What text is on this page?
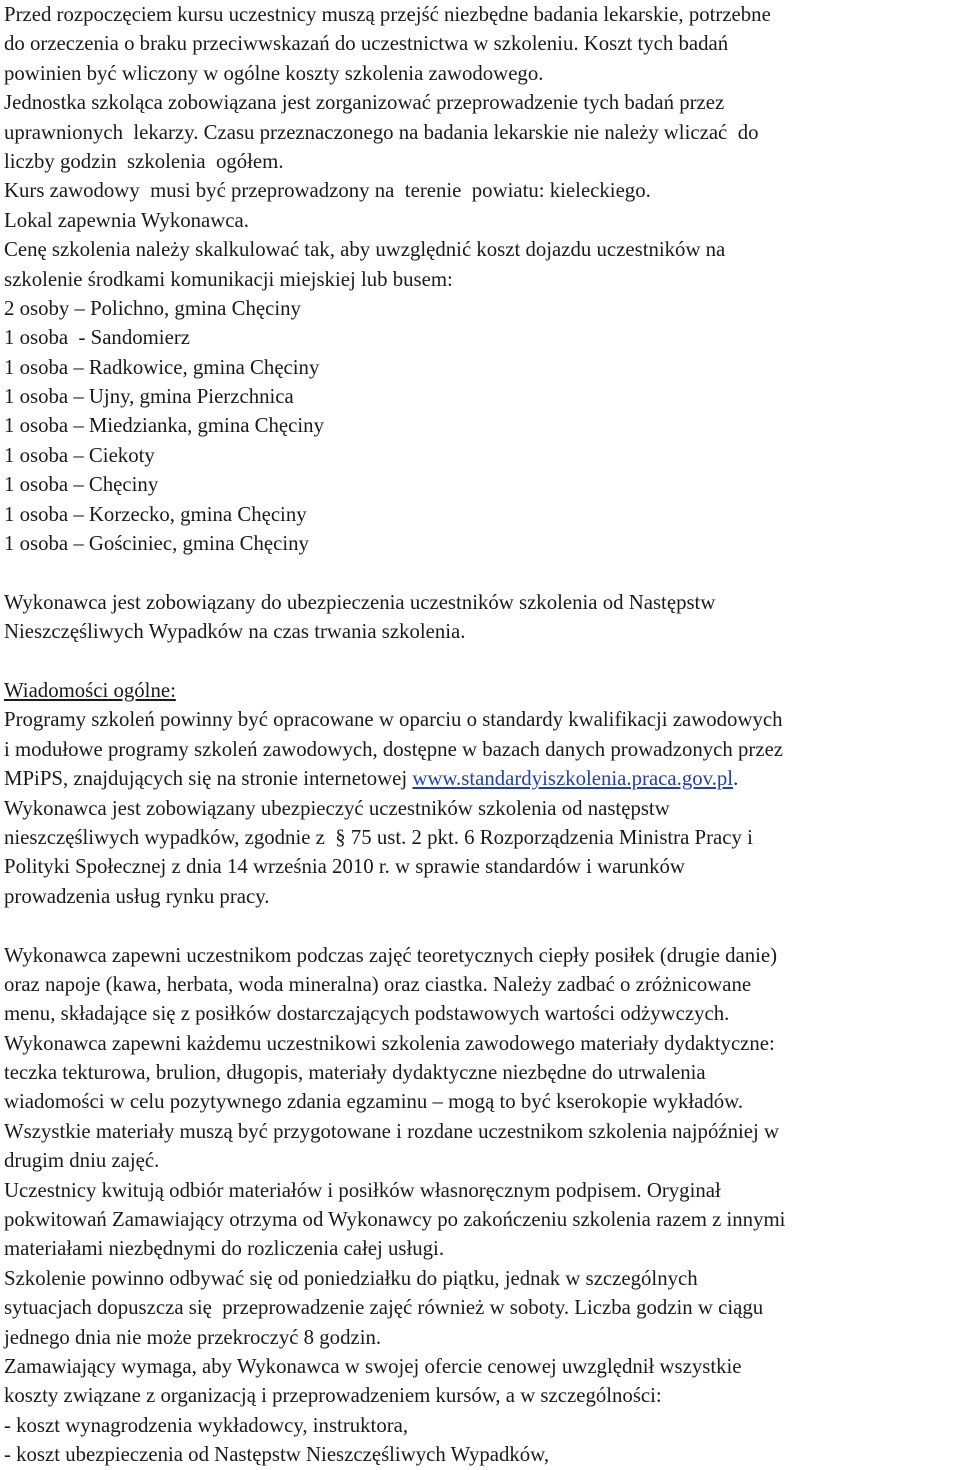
Przed rozpoczęciem kursu uczestnicy muszą przejść niezbędne badania lekarskie, potrzebne
do orzeczenia o braku przeciwwskazań do uczestnictwa w szkoleniu. Koszt tych badań
powinien być wliczony w ogólne koszty szkolenia zawodowego.
Jednostka szkoląca zobowiązana jest zorganizować przeprowadzenie tych badań przez
uprawnionych  lekarzy. Czasu przeznaczonego na badania lekarskie nie należy wliczać  do
liczby godzin  szkolenia  ogółem.
Kurs zawodowy  musi być przeprowadzony na  terenie  powiatu: kieleckiego.
Lokal zapewnia Wykonawca.
Cenę szkolenia należy skalkulować tak, aby uwzględnić koszt dojazdu uczestników na
szkolenie środkami komunikacji miejskiej lub busem:
2 osoby – Polichno, gmina Chęciny
1 osoba  - Sandomierz
1 osoba – Radkowice, gmina Chęciny
1 osoba – Ujny, gmina Pierzchnica
1 osoba – Miedzianka, gmina Chęciny
1 osoba – Ciekoty
1 osoba – Chęciny
1 osoba – Korzecko, gmina Chęciny
1 osoba – Gościniec, gmina Chęciny
Wykonawca jest zobowiązany do ubezpieczenia uczestników szkolenia od Następstw
Nieszczęśliwych Wypadków na czas trwania szkolenia.
Wiadomości ogólne:
Programy szkoleń powinny być opracowane w oparciu o standardy kwalifikacji zawodowych
i modułowe programy szkoleń zawodowych, dostępne w bazach danych prowadzonych przez
MPiPS, znajdujących się na stronie internetowej www.standardyiszkolenia.praca.gov.pl.
Wykonawca jest zobowiązany ubezpieczyć uczestników szkolenia od następstw
nieszczęśliwych wypadków, zgodnie z  § 75 ust. 2 pkt. 6 Rozporządzenia Ministra Pracy i
Polityki Społecznej z dnia 14 września 2010 r. w sprawie standardów i warunków
prowadzenia usług rynku pracy.
Wykonawca zapewni uczestnikom podczas zajęć teoretycznych ciepły posiłek (drugie danie)
oraz napoje (kawa, herbata, woda mineralna) oraz ciastka. Należy zadbać o zróżnicowane
menu, składające się z posiłków dostarczających podstawowych wartości odżywczych.
Wykonawca zapewni każdemu uczestnikowi szkolenia zawodowego materiały dydaktyczne:
teczka tekturowa, brulion, długopis, materiały dydaktyczne niezbędne do utrwalenia
wiadomości w celu pozytywnego zdania egzaminu – mogą to być kserokopie wykładów.
Wszystkie materiały muszą być przygotowane i rozdane uczestnikom szkolenia najpóźniej w
drugim dniu zajęć.
Uczestnicy kwitują odbiór materiałów i posiłków własnoręcznym podpisem. Oryginał
pokwitowań Zamawiający otrzyma od Wykonawcy po zakończeniu szkolenia razem z innymi
materiałami niezbędnymi do rozliczenia całej usługi.
Szkolenie powinno odbywać się od poniedziałku do piątku, jednak w szczególnych
sytuacjach dopuszcza się  przeprowadzenie zajęć również w soboty. Liczba godzin w ciągu
jednego dnia nie może przekroczyć 8 godzin.
Zamawiający wymaga, aby Wykonawca w swojej ofercie cenowej uwzględnił wszystkie
koszty związane z organizacją i przeprowadzeniem kursów, a w szczególności:
- koszt wynagrodzenia wykładowcy, instruktora,
- koszt ubezpieczenia od Następstw Nieszczęśliwych Wypadków,
